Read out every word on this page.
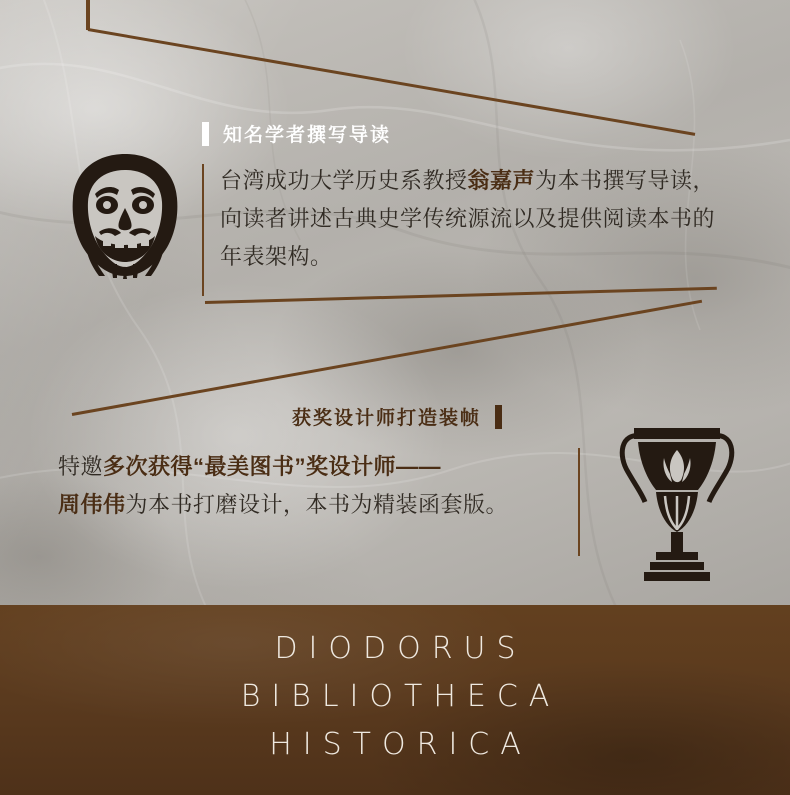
知名学者撰写导读
台湾成功大学历史系教授翁嘉声为本书撰写导读，向读者讲述古典史学传统源流以及提供阅读本书的年表架构。
获奖设计师打造装帧
特邀多次获得“最美图书”奖设计师——
周伟伟为本书打磨设计，本书为精装函套版。
DIODORUS
BIBLIOTHECA
HISTORICA
